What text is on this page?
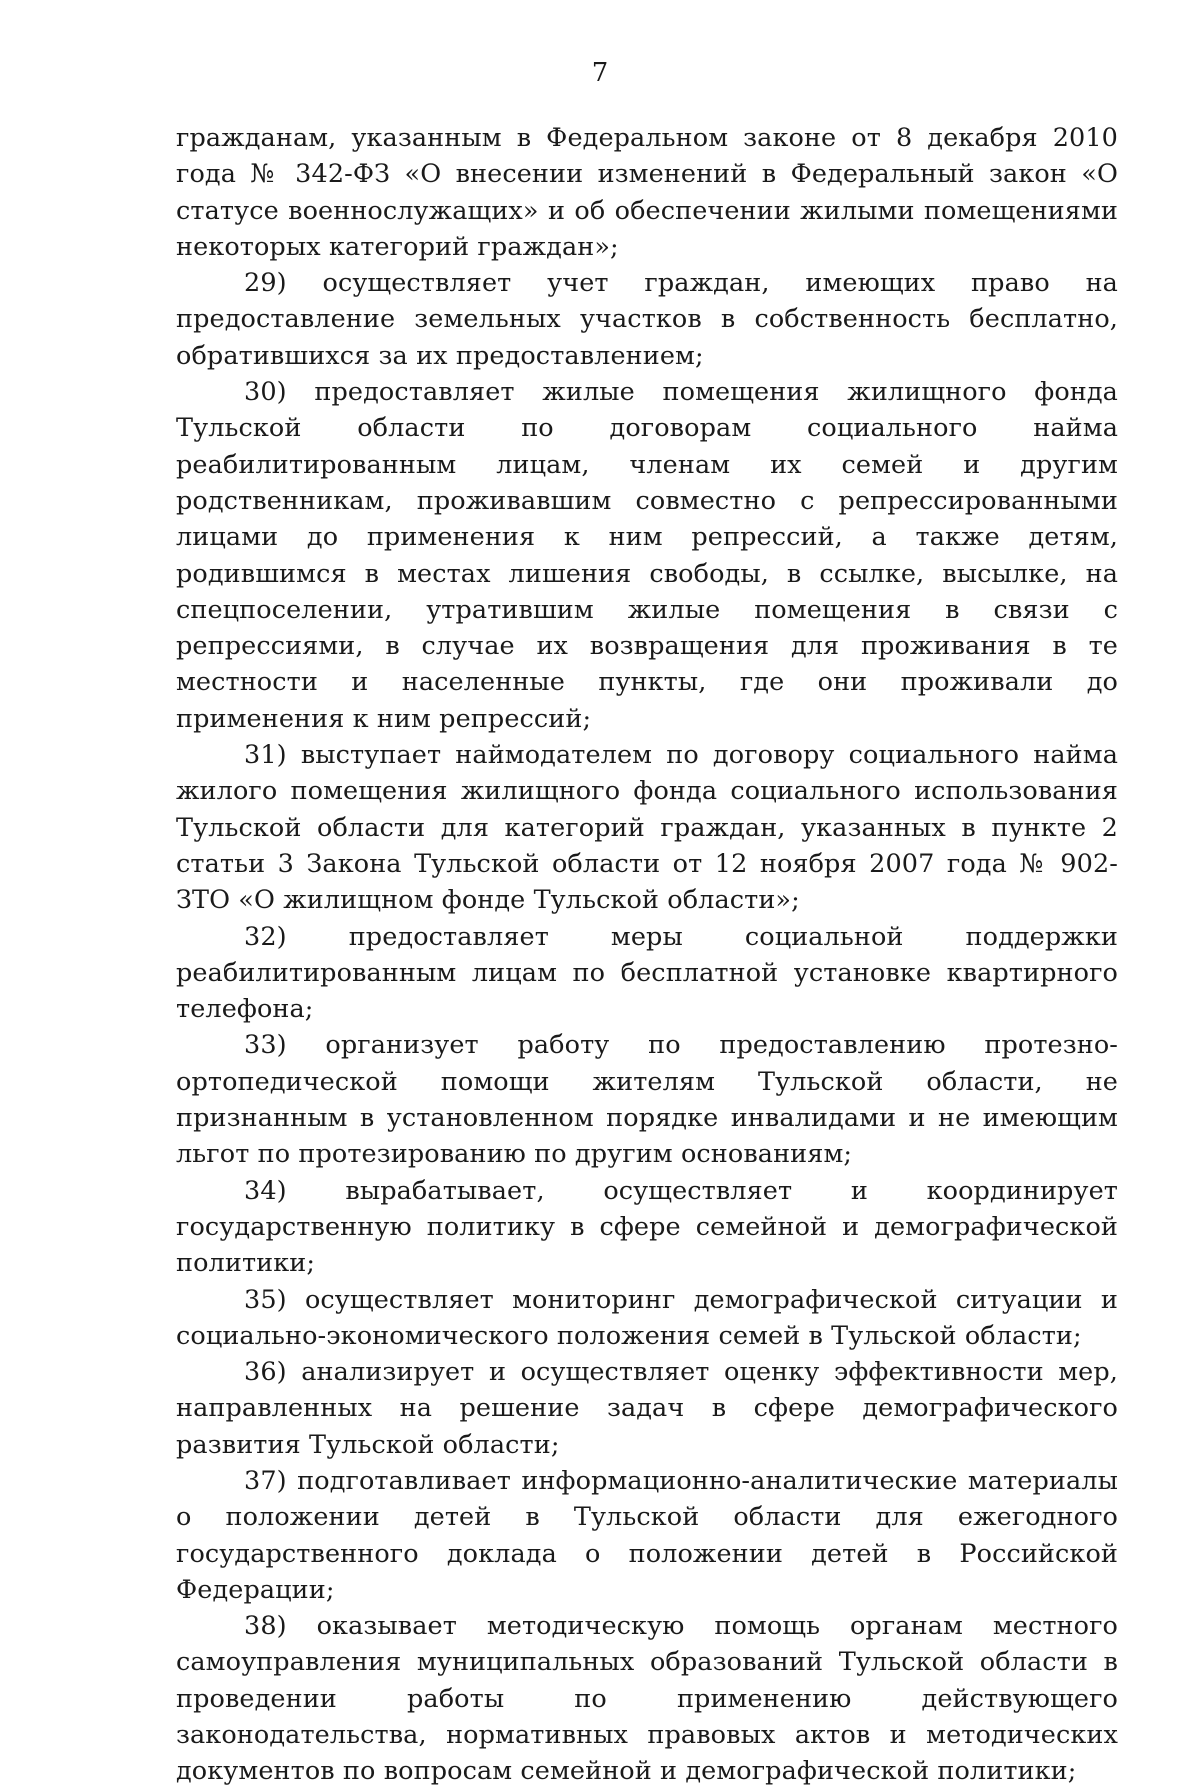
7

гражданам, указанным в Федеральном законе от 8 декабря 2010 года № 342-ФЗ «О внесении изменений в Федеральный закон «О статусе военнослужащих» и об обеспечении жилыми помещениями некоторых категорий граждан»;

29) осуществляет учет граждан, имеющих право на предоставление земельных участков в собственность бесплатно, обратившихся за их предоставлением;

30) предоставляет жилые помещения жилищного фонда Тульской области по договорам социального найма реабилитированным лицам, членам их семей и другим родственникам, проживавшим совместно с репрессированными лицами до применения к ним репрессий, а также детям, родившимся в местах лишения свободы, в ссылке, высылке, на спецпоселении, утратившим жилые помещения в связи с репрессиями, в случае их возвращения для проживания в те местности и населенные пункты, где они проживали до применения к ним репрессий;

31) выступает наймодателем по договору социального найма жилого помещения жилищного фонда социального использования Тульской области для категорий граждан, указанных в пункте 2 статьи 3 Закона Тульской области от 12 ноября 2007 года № 902-ЗТО «О жилищном фонде Тульской области»;

32) предоставляет меры социальной поддержки реабилитированным лицам по бесплатной установке квартирного телефона;

33) организует работу по предоставлению протезно-ортопедической помощи жителям Тульской области, не признанным в установленном порядке инвалидами и не имеющим льгот по протезированию по другим основаниям;

34) вырабатывает, осуществляет и координирует государственную политику в сфере семейной и демографической политики;

35) осуществляет мониторинг демографической ситуации и социально-экономического положения семей в Тульской области;

36) анализирует и осуществляет оценку эффективности мер, направленных на решение задач в сфере демографического развития Тульской области;

37) подготавливает информационно-аналитические материалы о положении детей в Тульской области для ежегодного государственного доклада о положении детей в Российской Федерации;

38) оказывает методическую помощь органам местного самоуправления муниципальных образований Тульской области в проведении работы по применению действующего законодательства, нормативных правовых актов и методических документов по вопросам семейной и демографической политики;
